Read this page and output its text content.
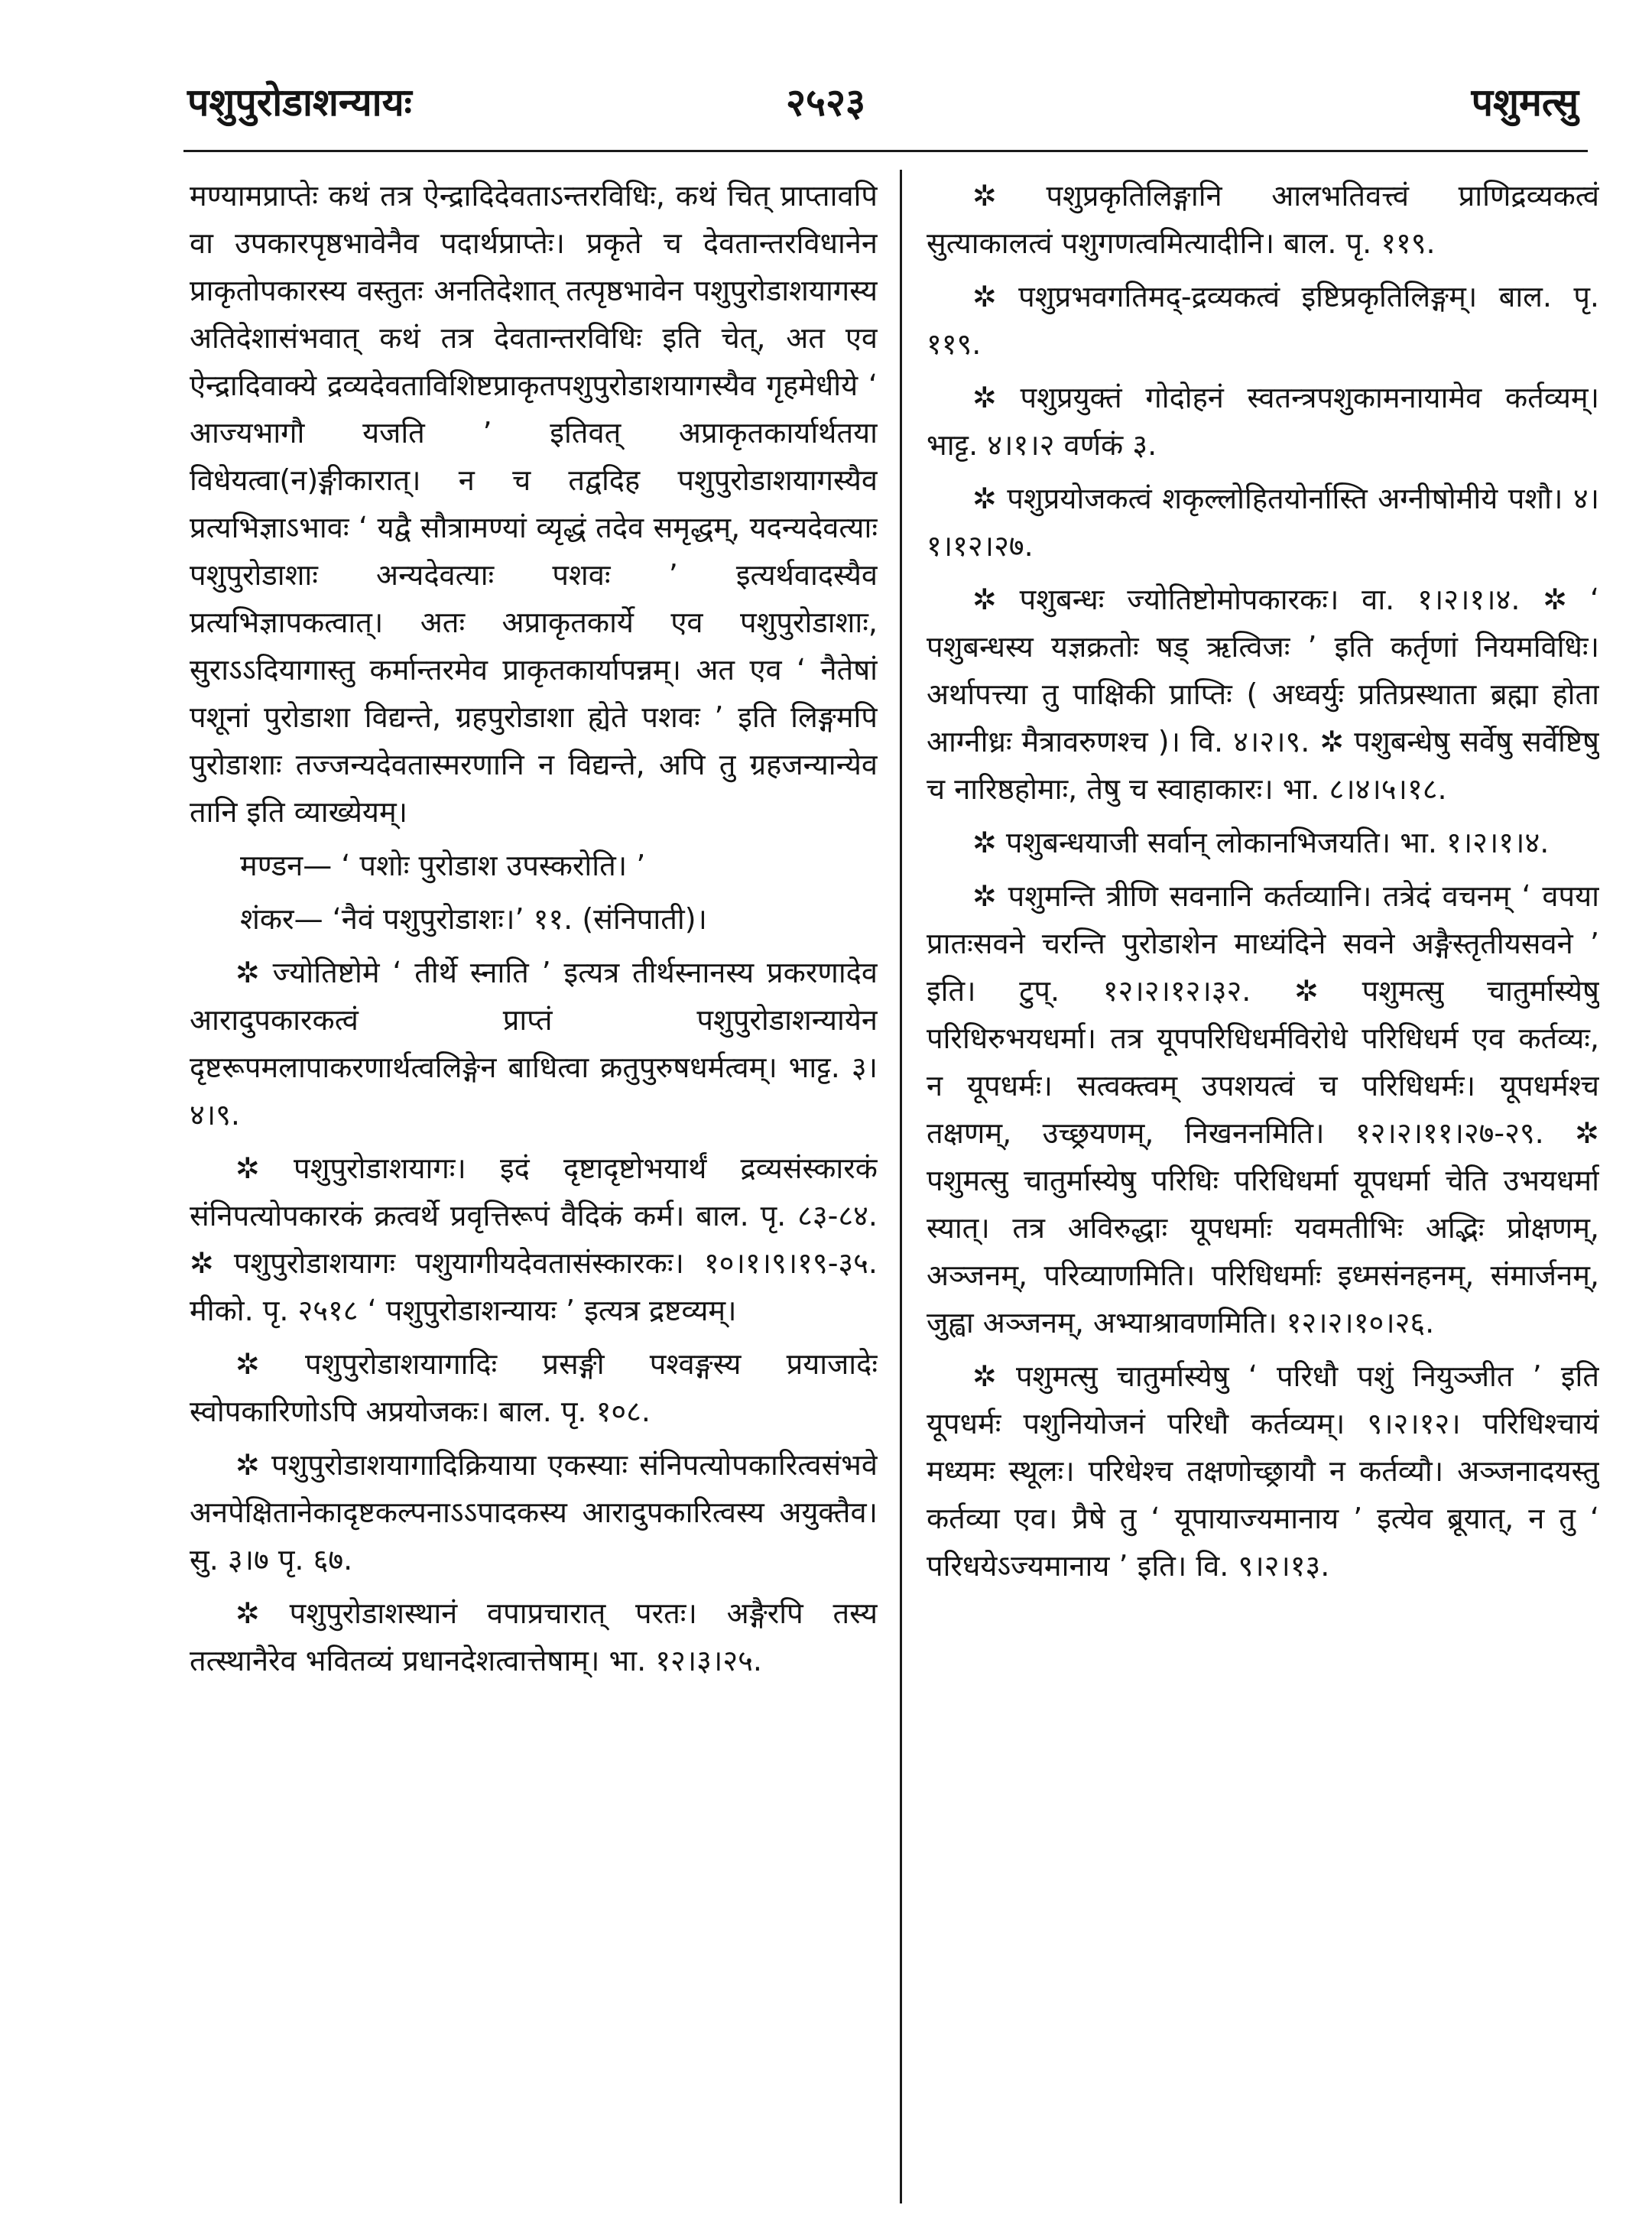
पशुपुरोडाशन्यायः	२५२३	पशुमत्सु

मण्यामप्राप्तेः कथं तत्र ऐन्द्रादिदेवताऽन्तरविधिः, कथं चित् प्राप्तावपि वा उपकारपृष्ठभावेनैव पदार्थप्राप्तेः। प्रकृते च देवतान्तरविधानेन प्राकृतोपकारस्य वस्तुतः अनतिदेशात् तत्पृष्ठभावेन पशुपुरोडाशयागस्य अतिदेशासंभवात् कथं तत्र देवतान्तरविधिः इति चेत्, अत एव ऐन्द्रादिवाक्ये द्रव्यदेवताविशिष्टप्राकृतपशुपुरोडाशयागस्यैव गृहमेधीये ‘ आज्यभागौ यजति ’ इतिवत् अप्राकृतकार्यार्थतया विधेयत्वा(न)ङ्गीकारात्। न च तद्वदिह पशुपुरोडाशयागस्यैव प्रत्यभिज्ञाऽभावः ‘ यद्वै सौत्रामण्यां व्यृद्धं तदेव समृद्धम्, यदन्यदेवत्याः पशुपुरोडाशाः अन्यदेवत्याः पशवः ’ इत्यर्थवादस्यैव प्रत्यभिज्ञापकत्वात्। अतः अप्राकृतकार्ये एव पशुपुरोडाशाः, सुराऽऽदियागास्तु कर्मान्तरमेव प्राकृतकार्यापन्नम्। अत एव ‘ नैतेषां पशूनां पुरोडाशा विद्यन्ते, ग्रहपुरोडाशा ह्येते पशवः ’ इति लिङ्गमपि पुरोडाशाः तज्जन्यदेवतास्मरणानि न विद्यन्ते, अपि तु ग्रहजन्यान्येव तानि इति व्याख्येयम्।

मण्डन— ‘ पशोः पुरोडाश उपस्करोति। ’

शंकर— ‘नैवं पशुपुरोडाशः।’ ११. (संनिपाती)।

✲ ज्योतिष्टोमे ‘ तीर्थे स्नाति ’ इत्यत्र तीर्थस्नानस्य प्रकरणादेव आरादुपकारकत्वं प्राप्तं पशुपुरोडाशन्यायेन दृष्टरूपमलापाकरणार्थत्वलिङ्गेन बाधित्वा क्रतुपुरुषधर्मत्वम्। भाट्ट. ३।४।९.

✲ पशुपुरोडाशयागः। इदं दृष्टादृष्टोभयार्थं द्रव्यसंस्कारकं संनिपत्योपकारकं क्रत्वर्थे प्रवृत्तिरूपं वैदिकं कर्म। बाल. पृ. ८३-८४. ✲ पशुपुरोडाशयागः पशुयागीयदेवतासंस्कारकः। १०।१।९।१९-३५. मीको. पृ. २५१८ ‘ पशुपुरोडाशन्यायः ’ इत्यत्र द्रष्टव्यम्।

✲ पशुपुरोडाशयागादिः प्रसङ्गी पश्वङ्गस्य प्रयाजादेः स्वोपकारिणोऽपि अप्रयोजकः। बाल. पृ. १०८.

✲ पशुपुरोडाशयागादिक्रियाया एकस्याः संनिपत्योपकारित्वसंभवे अनपेक्षितानेकादृष्टकल्पनाऽऽपादकस्य आरादुपकारित्वस्य अयुक्तैव। सु. ३।७ पृ. ६७.

✲ पशुपुरोडाशस्थानं वपाप्रचारात् परतः। अङ्गैरपि तस्य तत्स्थानैरेव भवितव्यं प्रधानदेशत्वात्तेषाम्। भा. १२।३।२५.

✲ पशुप्रकृतिलिङ्गानि आलभतिवत्त्वं प्राणिद्रव्यकत्वं सुत्याकालत्वं पशुगणत्वमित्यादीनि। बाल. पृ. ११९.

✲ पशुप्रभवगतिमद्-द्रव्यकत्वं इष्टिप्रकृतिलिङ्गम्। बाल. पृ. ११९.

✲ पशुप्रयुक्तं गोदोहनं स्वतन्त्रपशुकामनायामेव कर्तव्यम्। भाट्ट. ४।१।२ वर्णकं ३.

✲ पशुप्रयोजकत्वं शकृल्लोहितयोर्नास्ति अग्नीषोमीये पशौ। ४।१।१२।२७.

✲ पशुबन्धः ज्योतिष्टोमोपकारकः। वा. १।२।१।४. ✲ ‘ पशुबन्धस्य यज्ञक्रतोः षड् ऋत्विजः ’ इति कर्तृणां नियमविधिः। अर्थापत्त्या तु पाक्षिकी प्राप्तिः ( अध्वर्युः प्रतिप्रस्थाता ब्रह्मा होता आग्नीध्रः मैत्रावरुणश्च )। वि. ४।२।९. ✲ पशुबन्धेषु सर्वेषु सर्वेष्टिषु च नारिष्ठहोमाः, तेषु च स्वाहाकारः। भा. ८।४।५।१८.

✲ पशुबन्धयाजी सर्वान् लोकानभिजयति। भा. १।२।१।४.

✲ पशुमन्ति त्रीणि सवनानि कर्तव्यानि। तत्रेदं वचनम् ‘ वपया प्रातःसवने चरन्ति पुरोडाशेन माध्यंदिने सवने अङ्गैस्तृतीयसवने ’ इति। टुप्. १२।२।१२।३२. ✲ पशुमत्सु चातुर्मास्येषु परिधिरुभयधर्मा। तत्र यूपपरिधिधर्मविरोधे परिधिधर्म एव कर्तव्यः, न यूपधर्मः। सत्वक्त्वम् उपशयत्वं च परिधिधर्मः। यूपधर्मश्च तक्षणम्, उच्छ्रयणम्, निखननमिति। १२।२।११।२७-२९. ✲ पशुमत्सु चातुर्मास्येषु परिधिः परिधिधर्मा यूपधर्मा चेति उभयधर्मा स्यात्। तत्र अविरुद्धाः यूपधर्माः यवमतीभिः अद्भिः प्रोक्षणम्, अञ्जनम्, परिव्याणमिति। परिधिधर्माः इध्मसंनहनम्, संमार्जनम्, जुह्वा अञ्जनम्, अभ्याश्रावणमिति। १२।२।१०।२६.

✲ पशुमत्सु चातुर्मास्येषु ‘ परिधौ पशुं नियुञ्जीत ’ इति यूपधर्मः पशुनियोजनं परिधौ कर्तव्यम्। ९।२।१२। परिधिश्चायं मध्यमः स्थूलः। परिधेश्च तक्षणोच्छ्रायौ न कर्तव्यौ। अञ्जनादयस्तु कर्तव्या एव। प्रैषे तु ‘ यूपायाज्यमानाय ’ इत्येव ब्रूयात्, न तु ‘ परिधयेऽज्यमानाय ’ इति। वि. ९।२।१३.
